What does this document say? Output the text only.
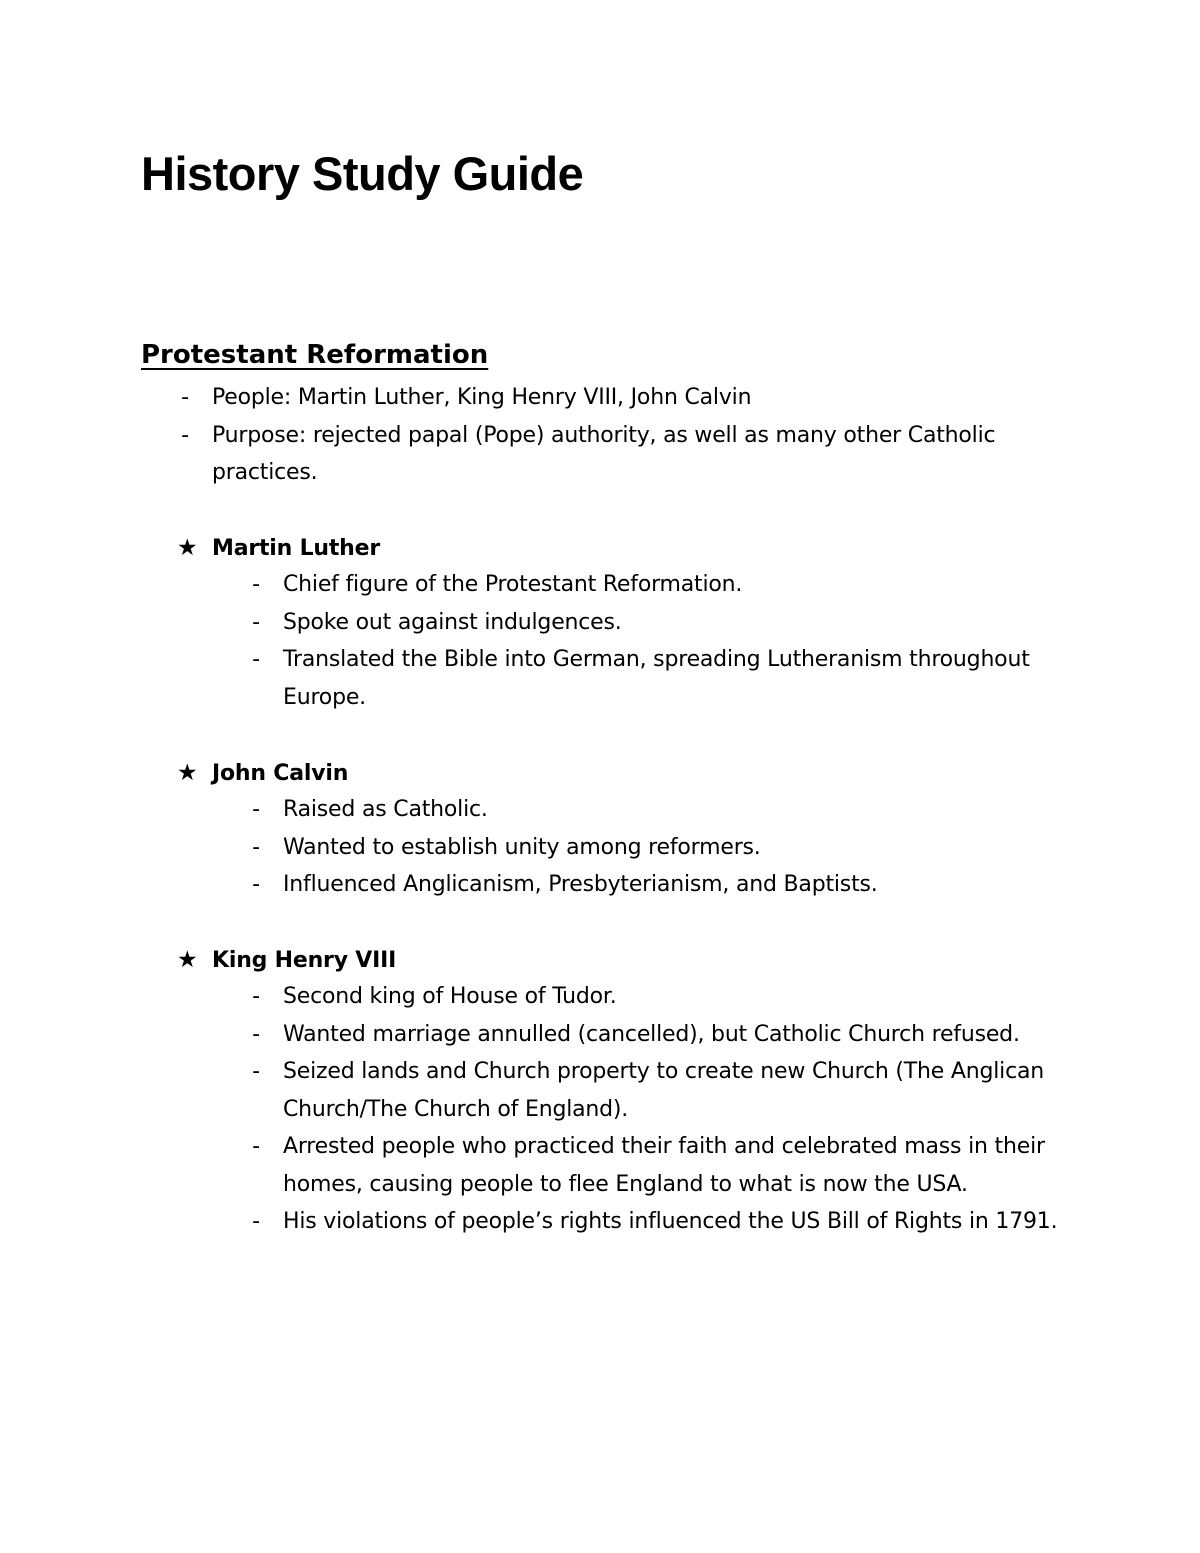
History Study Guide
Protestant Reformation
- People: Martin Luther, King Henry VIII, John Calvin
- Purpose: rejected papal (Pope) authority, as well as many other Catholic practices.
★ Martin Luther
- Chief figure of the Protestant Reformation.
- Spoke out against indulgences.
- Translated the Bible into German, spreading Lutheranism throughout Europe.
★ John Calvin
- Raised as Catholic.
- Wanted to establish unity among reformers.
- Influenced Anglicanism, Presbyterianism, and Baptists.
★ King Henry VIII
- Second king of House of Tudor.
- Wanted marriage annulled (cancelled), but Catholic Church refused.
- Seized lands and Church property to create new Church (The Anglican Church/The Church of England).
- Arrested people who practiced their faith and celebrated mass in their homes, causing people to flee England to what is now the USA.
- His violations of people’s rights influenced the US Bill of Rights in 1791.
